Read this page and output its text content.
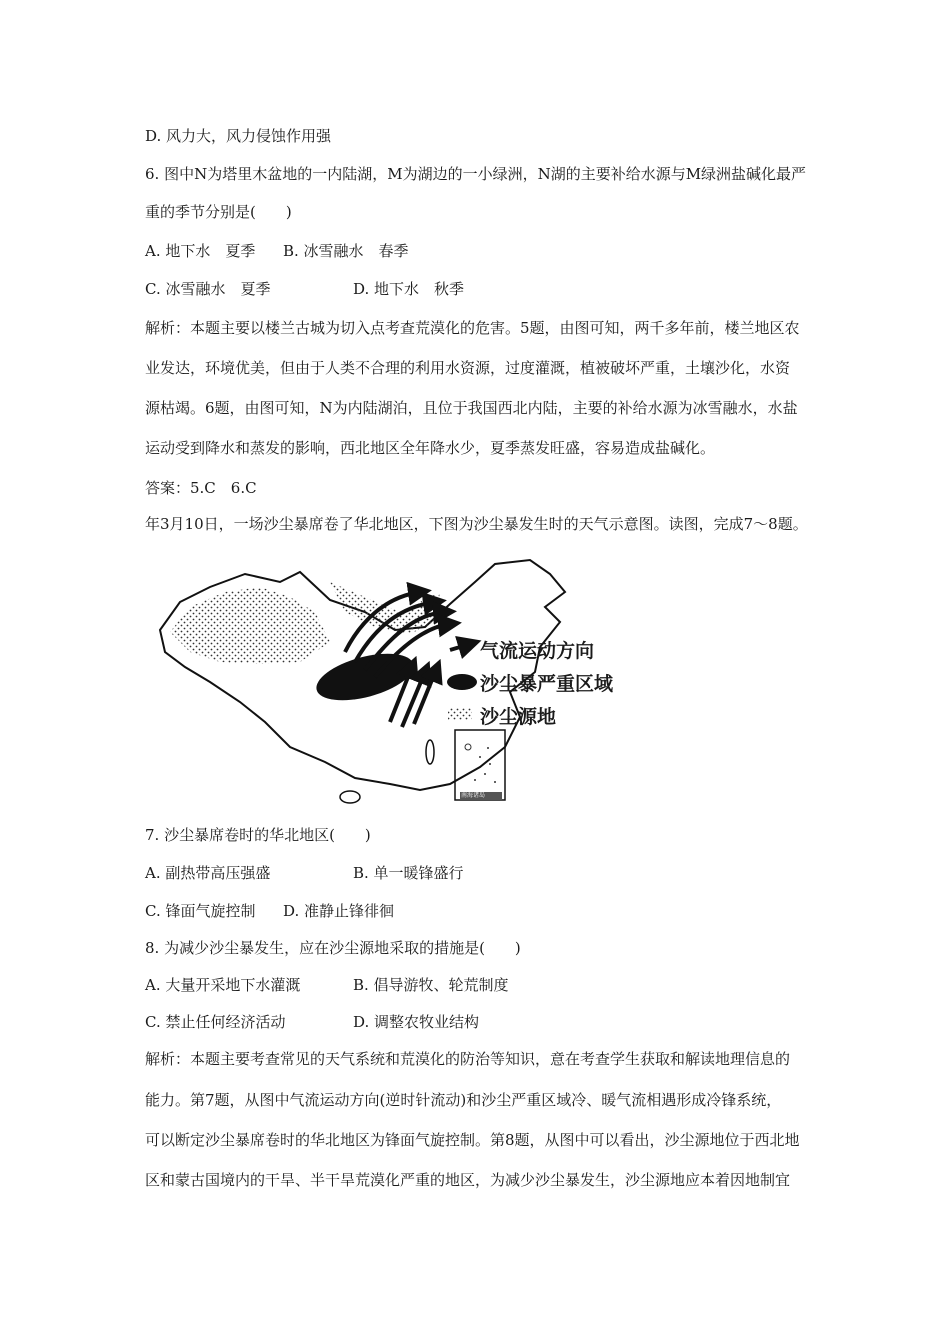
D. 风力大，风力侵蚀作用强
6. 图中N为塔里木盆地的一内陆湖，M为湖边的一小绿洲，N湖的主要补给水源与M绿洲盐碱化最严
重的季节分别是(　　)
A. 地下水　夏季 B. 冰雪融水　春季
C. 冰雪融水　夏季	D. 地下水　秋季
解析：本题主要以楼兰古城为切入点考查荒漠化的危害。5题，由图可知，两千多年前，楼兰地区农
业发达，环境优美，但由于人类不合理的利用水资源，过度灌溉，植被破坏严重，土壤沙化，水资
源枯竭。6题，由图可知，N为内陆湖泊，且位于我国西北内陆，主要的补给水源为冰雪融水，水盐
运动受到降水和蒸发的影响，西北地区全年降水少，夏季蒸发旺盛，容易造成盐碱化。
答案：5.C　6.C
年3月10日，一场沙尘暴席卷了华北地区，下图为沙尘暴发生时的天气示意图。读图，完成7～8题。
气流运动方向
沙尘暴严重区域
沙尘源地
南海诸岛
7. 沙尘暴席卷时的华北地区(　　)
A. 副热带高压强盛	B. 单一暖锋盛行
C. 锋面气旋控制 D. 准静止锋徘徊
8. 为减少沙尘暴发生，应在沙尘源地采取的措施是(　　)
A. 大量开采地下水灌溉	B. 倡导游牧、轮荒制度
C. 禁止任何经济活动	D. 调整农牧业结构
解析：本题主要考查常见的天气系统和荒漠化的防治等知识，意在考查学生获取和解读地理信息的
能力。第7题，从图中气流运动方向(逆时针流动)和沙尘严重区域冷、暖气流相遇形成冷锋系统，
可以断定沙尘暴席卷时的华北地区为锋面气旋控制。第8题，从图中可以看出，沙尘源地位于西北地
区和蒙古国境内的干旱、半干旱荒漠化严重的地区，为减少沙尘暴发生，沙尘源地应本着因地制宜
